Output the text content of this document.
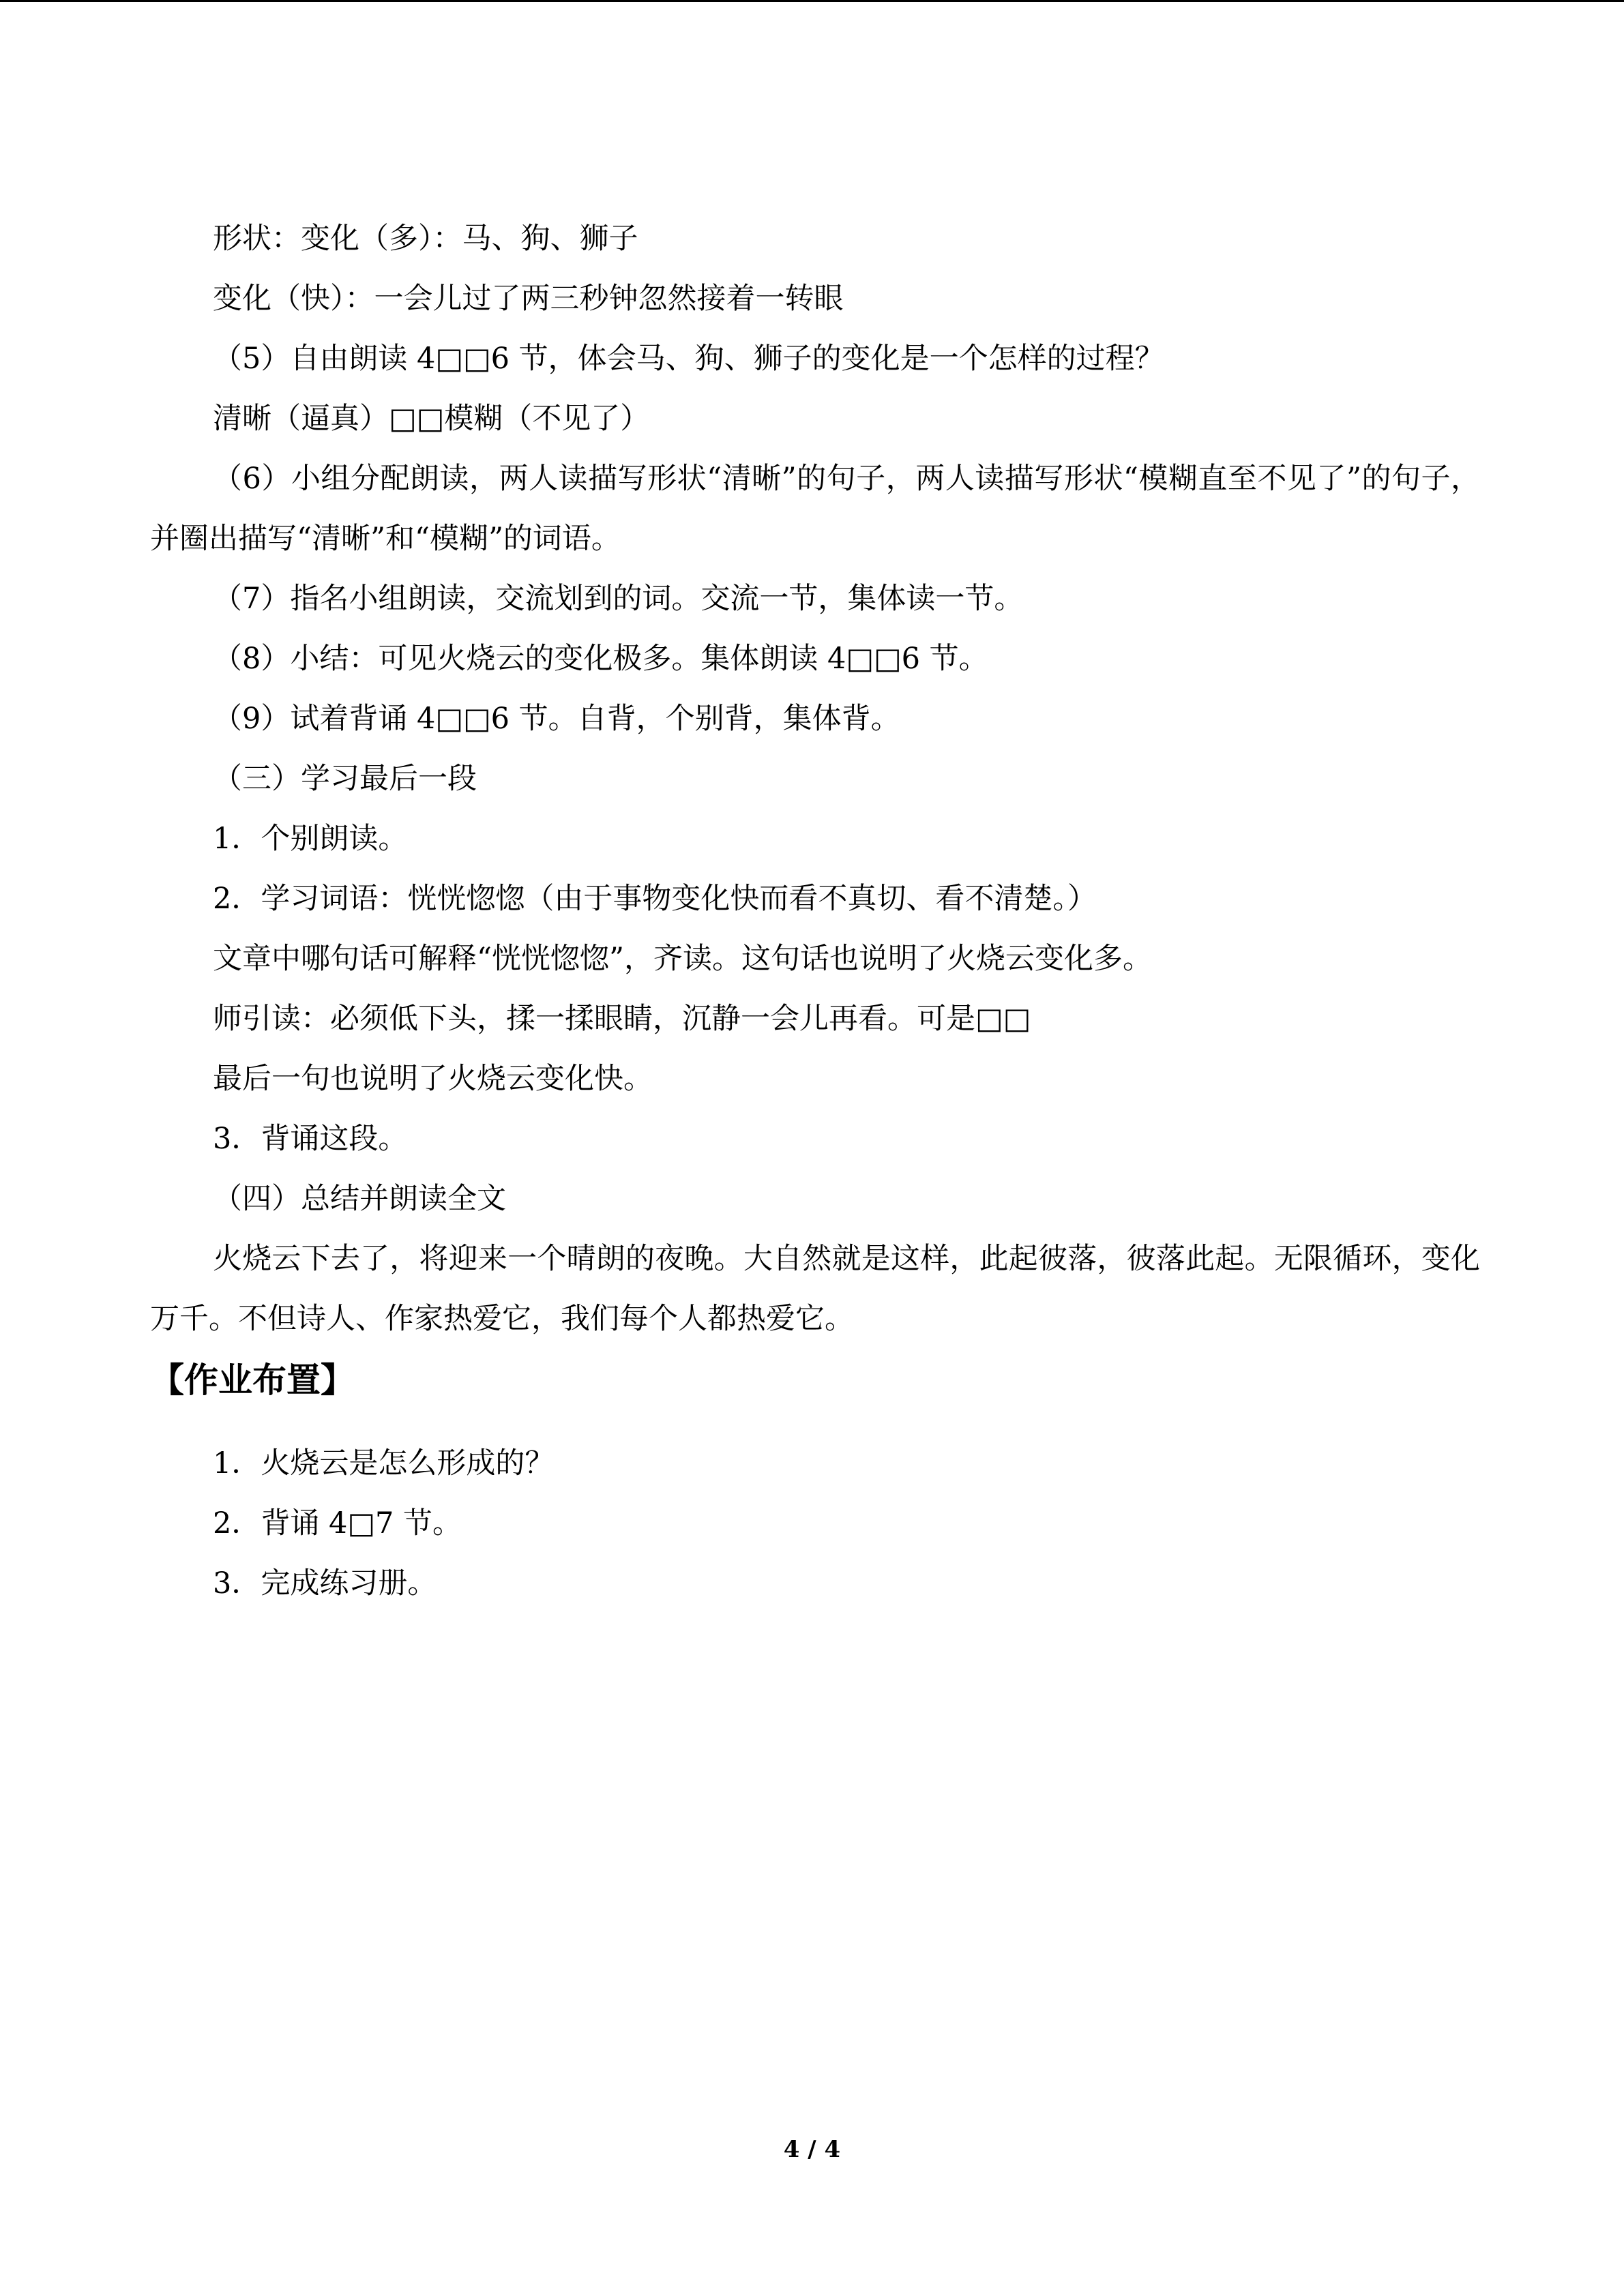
形状：变化（多）：马、狗、狮子
变化（快）：一会儿过了两三秒钟忽然接着一转眼
（5）自由朗读 4□□6 节，体会马、狗、狮子的变化是一个怎样的过程？
清晰（逼真）□□模糊（不见了）
（6）小组分配朗读，两人读描写形状“清晰”的句子，两人读描写形状“模糊直至不见了”的句子，并圈出描写“清晰”和“模糊”的词语。
（7）指名小组朗读，交流划到的词。交流一节，集体读一节。
（8）小结：可见火烧云的变化极多。集体朗读 4□□6 节。
（9）试着背诵 4□□6 节。自背，个别背，集体背。
（三）学习最后一段
1．个别朗读。
2．学习词语：恍恍惚惚（由于事物变化快而看不真切、看不清楚。）
文章中哪句话可解释“恍恍惚惚”，齐读。这句话也说明了火烧云变化多。
师引读：必须低下头，揉一揉眼睛，沉静一会儿再看。可是□□
最后一句也说明了火烧云变化快。
3．背诵这段。
（四）总结并朗读全文
火烧云下去了，将迎来一个晴朗的夜晚。大自然就是这样，此起彼落，彼落此起。无限循环，变化万千。不但诗人、作家热爱它，我们每个人都热爱它。
【作业布置】
1．火烧云是怎么形成的？
2．背诵 4□7 节。
3．完成练习册。
4 / 4
